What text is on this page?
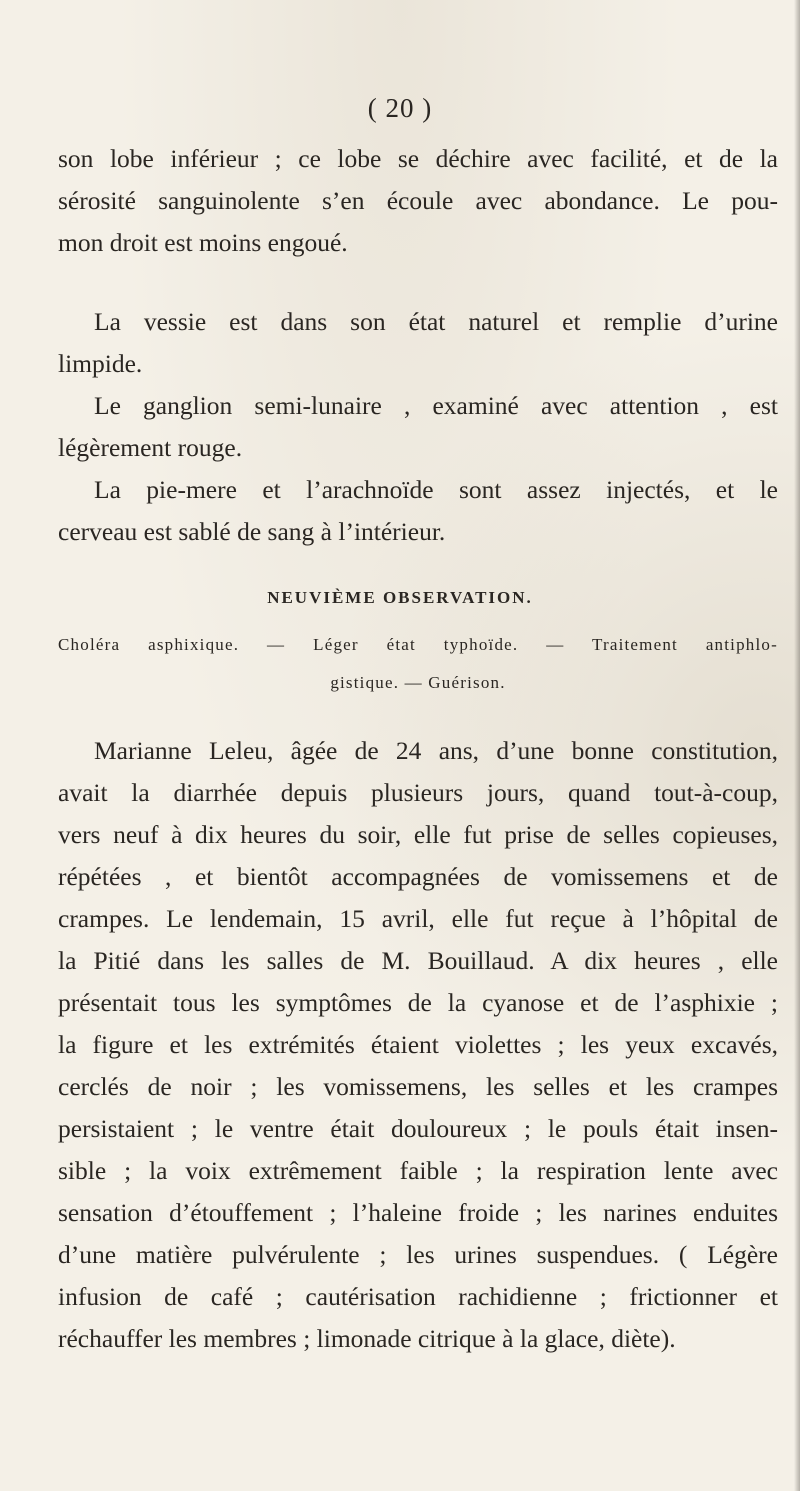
( 20 )

son lobe inférieur ; ce lobe se déchire avec facilité, et de la
sérosité sanguinolente s’en écoule avec abondance. Le pou-
mon droit est moins engoué.

La vessie est dans son état naturel et remplie d’urine
limpide.

Le ganglion semi-lunaire , examiné avec attention , est
légèrement rouge.

La pie-mere et l’arachnoïde sont assez injectés, et le
cerveau est sablé de sang à l’intérieur.

NEUVIÈME OBSERVATION.
Choléra asphixique. — Léger état typhoïde. — Traitement antiphlo-
gistique. — Guérison.

Marianne Leleu, âgée de 24 ans, d’une bonne constitution,
avait la diarrhée depuis plusieurs jours, quand tout-à-coup,
vers neuf à dix heures du soir, elle fut prise de selles copieuses,
répétées , et bientôt accompagnées de vomissemens et de
crampes. Le lendemain, 15 avril, elle fut reçue à l’hôpital de
la Pitié dans les salles de M. Bouillaud. A dix heures , elle
présentait tous les symptômes de la cyanose et de l’asphixie ;
la figure et les extrémités étaient violettes ; les yeux excavés,
cerclés de noir ; les vomissemens, les selles et les crampes
persistaient ; le ventre était douloureux ; le pouls était insen-
sible ; la voix extrêmement faible ; la respiration lente avec
sensation d’étouffement ; l’haleine froide ; les narines enduites
d’une matière pulvérulente ; les urines suspendues. ( Légère
infusion de café ; cautérisation rachidienne ; frictionner et
réchauffer les membres ; limonade citrique à la glace, diète).
